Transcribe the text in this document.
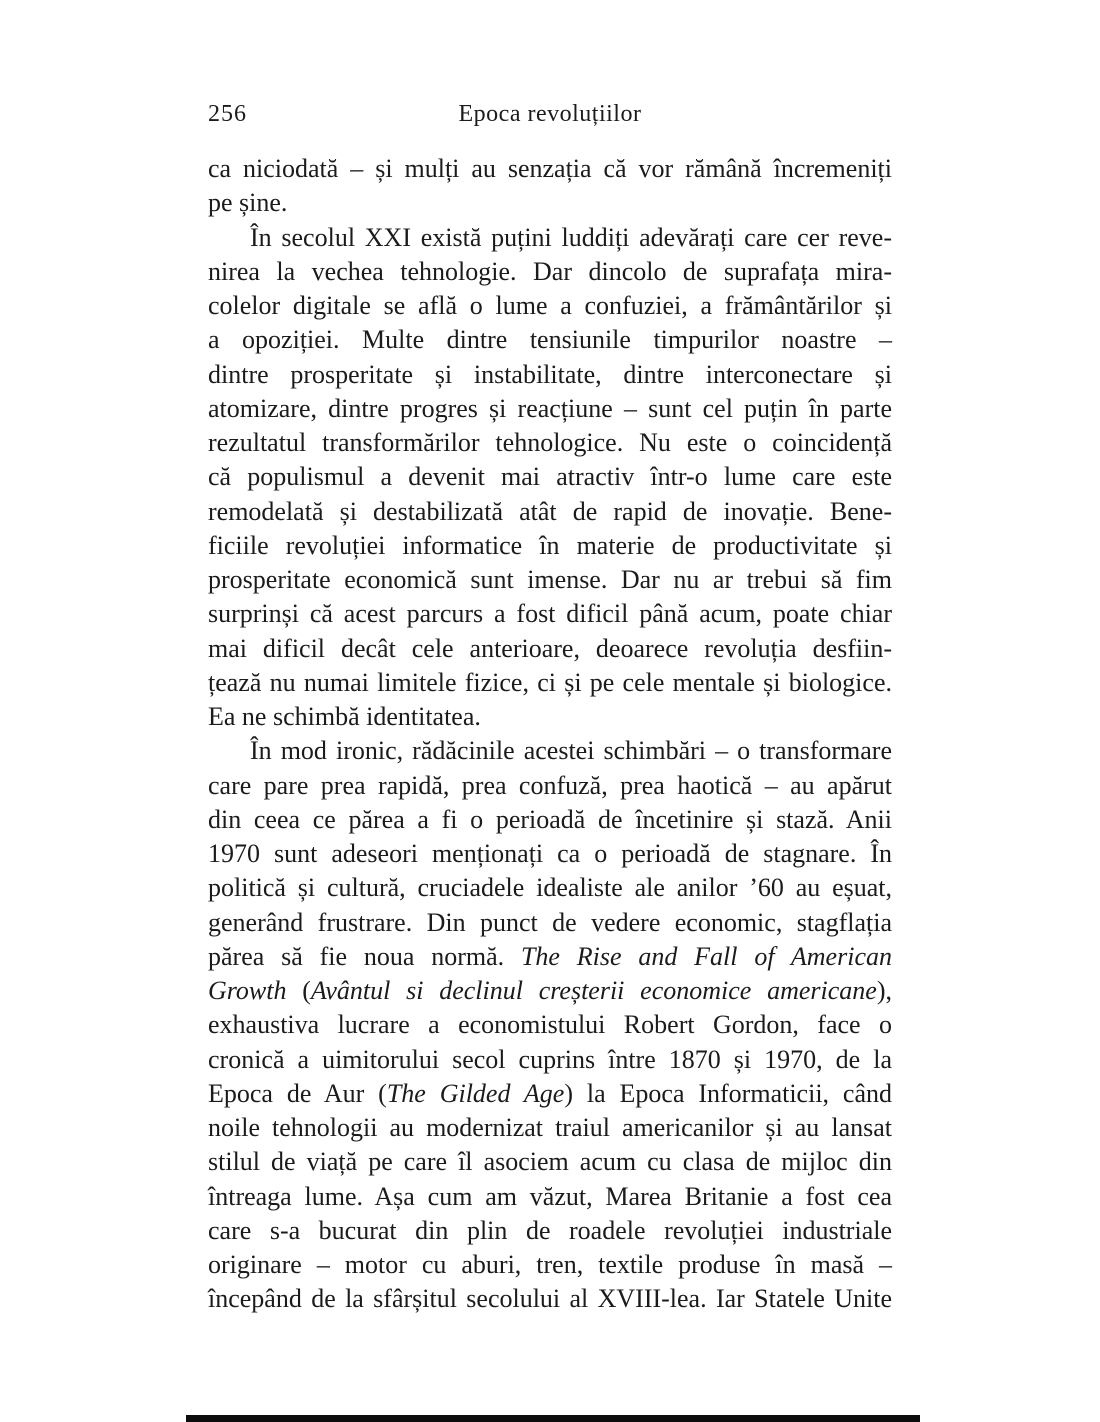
256	Epoca revoluțiilor
ca niciodată – și mulți au senzația că vor rămână încremeniți
pe șine.
În secolul XXI există puțini luddiți adevărați care cer reve-
nirea la vechea tehnologie. Dar dincolo de suprafața mira-
colelor digitale se află o lume a confuziei, a frământărilor și
a opoziției. Multe dintre tensiunile timpurilor noastre –
dintre prosperitate și instabilitate, dintre interconectare și
atomizare, dintre progres și reacțiune – sunt cel puțin în parte
rezultatul transformărilor tehnologice. Nu este o coincidență
că populismul a devenit mai atractiv într-o lume care este
remodelată și destabilizată atât de rapid de inovație. Bene-
ficiile revoluției informatice în materie de productivitate și
prosperitate economică sunt imense. Dar nu ar trebui să fim
surprinși că acest parcurs a fost dificil până acum, poate chiar
mai dificil decât cele anterioare, deoarece revoluția desfiin-
țează nu numai limitele fizice, ci și pe cele mentale și biologice.
Ea ne schimbă identitatea.
În mod ironic, rădăcinile acestei schimbări – o transformare
care pare prea rapidă, prea confuză, prea haotică – au apărut
din ceea ce părea a fi o perioadă de încetinire și stază. Anii
1970 sunt adeseori menționați ca o perioadă de stagnare. În
politică și cultură, cruciadele idealiste ale anilor ’60 au eșuat,
generând frustrare. Din punct de vedere economic, stagflația
părea să fie noua normă. The Rise and Fall of American
Growth (Avântul si declinul creșterii economice americane),
exhaustiva lucrare a economistului Robert Gordon, face o
cronică a uimitorului secol cuprins între 1870 și 1970, de la
Epoca de Aur (The Gilded Age) la Epoca Informaticii, când
noile tehnologii au modernizat traiul americanilor și au lansat
stilul de viață pe care îl asociem acum cu clasa de mijloc din
întreaga lume. Așa cum am văzut, Marea Britanie a fost cea
care s-a bucurat din plin de roadele revoluției industriale
originare – motor cu aburi, tren, textile produse în masă –
începând de la sfârșitul secolului al XVIII-lea. Iar Statele Unite
